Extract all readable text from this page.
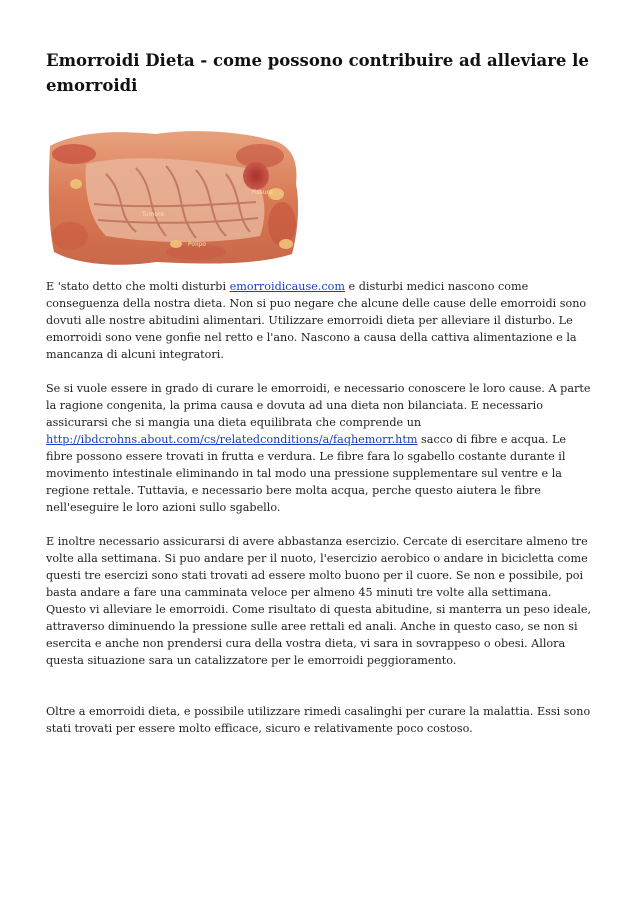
Emorroidi Dieta - come possono contribuire ad alleviare le emorroidi
Fissure
Tumore
Polipo

E 'stato detto che molti disturbi emorroidicause.com e disturbi medici nascono come conseguenza della nostra dieta. Non si puo negare che alcune delle cause delle emorroidi sono dovuti alle nostre abitudini alimentari. Utilizzare emorroidi dieta per alleviare il disturbo. Le emorroidi sono vene gonfie nel retto e l'ano. Nascono a causa della cattiva alimentazione e la mancanza di alcuni integratori.

Se si vuole essere in grado di curare le emorroidi, e necessario conoscere le loro cause. A parte la ragione congenita, la prima causa e dovuta ad una dieta non bilanciata. E necessario assicurarsi che si mangia una dieta equilibrata che comprende un http://ibdcrohns.about.com/cs/relatedconditions/a/faqhemorr.htm sacco di fibre e acqua. Le fibre possono essere trovati in frutta e verdura. Le fibre fara lo sgabello costante durante il movimento intestinale eliminando in tal modo una pressione supplementare sul ventre e la regione rettale. Tuttavia, e necessario bere molta acqua, perche questo aiutera le fibre nell'eseguire le loro azioni sullo sgabello.

E inoltre necessario assicurarsi di avere abbastanza esercizio. Cercate di esercitare almeno tre volte alla settimana. Si puo andare per il nuoto, l'esercizio aerobico o andare in bicicletta come questi tre esercizi sono stati trovati ad essere molto buono per il cuore. Se non e possibile, poi basta andare a fare una camminata veloce per almeno 45 minuti tre volte alla settimana. Questo vi alleviare le emorroidi. Come risultato di questa abitudine, si manterra un peso ideale, attraverso diminuendo la pressione sulle aree rettali ed anali. Anche in questo caso, se non si esercita e anche non prendersi cura della vostra dieta, vi sara in sovrappeso o obesi. Allora questa situazione sara un catalizzatore per le emorroidi peggioramento.

Oltre a emorroidi dieta, e possibile utilizzare rimedi casalinghi per curare la malattia. Essi sono stati trovati per essere molto efficace, sicuro e relativamente poco costoso.
